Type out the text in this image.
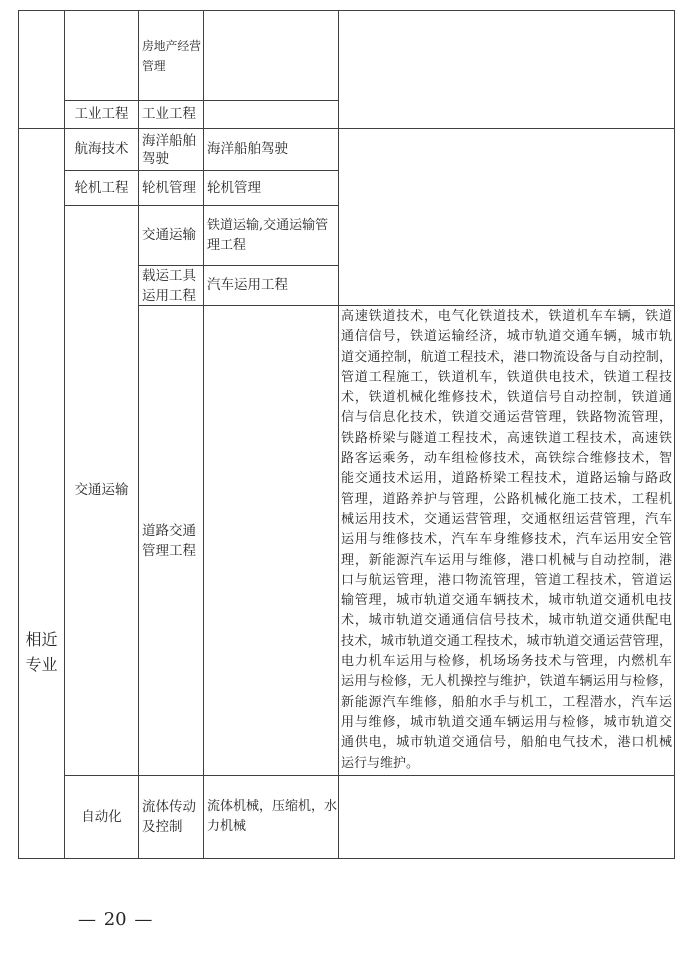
房地产经营
管理
工业工程 工业工程
相近
专业
航海技术
海洋船舶
驾驶
海洋船舶驾驶
轮机工程 轮机管理 轮机管理
交通运输
交通运输
铁道运输,交通运输管
理工程
载运工具
运用工程
汽车运用工程
道路交通
管理工程
高速铁道技术，电气化铁道技术，铁道机车车辆，铁道
通信信号，铁道运输经济，城市轨道交通车辆，城市轨
道交通控制，航道工程技术，港口物流设备与自动控制，
管道工程施工，铁道机车，铁道供电技术，铁道工程技
术，铁道机械化维修技术，铁道信号自动控制，铁道通
信与信息化技术，铁道交通运营管理，铁路物流管理，
铁路桥梁与隧道工程技术，高速铁道工程技术，高速铁
路客运乘务，动车组检修技术，高铁综合维修技术，智
能交通技术运用，道路桥梁工程技术，道路运输与路政
管理，道路养护与管理，公路机械化施工技术，工程机
械运用技术，交通运营管理，交通枢纽运营管理，汽车
运用与维修技术，汽车车身维修技术，汽车运用安全管
理，新能源汽车运用与维修，港口机械与自动控制，港
口与航运管理，港口物流管理，管道工程技术，管道运
输管理，城市轨道交通车辆技术，城市轨道交通机电技
术，城市轨道交通通信信号技术，城市轨道交通供配电
技术，城市轨道交通工程技术，城市轨道交通运营管理，
电力机车运用与检修，机场场务技术与管理，内燃机车
运用与检修，无人机操控与维护，铁道车辆运用与检修，
新能源汽车维修，船舶水手与机工，工程潜水，汽车运
用与维修，城市轨道交通车辆运用与检修，城市轨道交
通供电，城市轨道交通信号，船舶电气技术，港口机械
运行与维护。
自动化
流体传动
及控制
流体机械，压缩机，水
力机械
— 20 —
